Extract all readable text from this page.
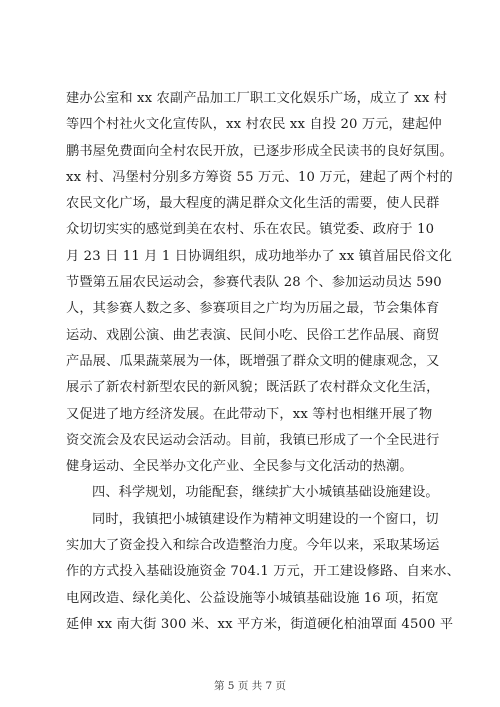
建办公室和 xx 农副产品加工厂职工文化娱乐广场，成立了 xx 村
等四个村社火文化宣传队，xx 村农民 xx 自投 20 万元，建起仲
鹏书屋免费面向全村农民开放，已逐步形成全民读书的良好氛围。
xx 村、冯堡村分别多方筹资 55 万元、10 万元，建起了两个村的
农民文化广场，最大程度的满足群众文化生活的需要，使人民群
众切切实实的感觉到美在农村、乐在农民。镇党委、政府于 10
月 23 日 11 月 1 日协调组织，成功地举办了 xx 镇首届民俗文化
节暨第五届农民运动会，参赛代表队 28 个、参加运动员达 590
人，其参赛人数之多、参赛项目之广均为历届之最，节会集体育
运动、戏剧公演、曲艺表演、民间小吃、民俗工艺作品展、商贸
产品展、瓜果蔬菜展为一体，既增强了群众文明的健康观念，又
展示了新农村新型农民的新风貌；既活跃了农村群众文化生活，
又促进了地方经济发展。在此带动下，xx 等村也相继开展了物
资交流会及农民运动会活动。目前，我镇已形成了一个全民进行
健身运动、全民举办文化产业、全民参与文化活动的热潮。
四、科学规划，功能配套，继续扩大小城镇基础设施建设。
同时，我镇把小城镇建设作为精神文明建设的一个窗口，切
实加大了资金投入和综合改造整治力度。今年以来，采取某场运
作的方式投入基础设施资金 704.1 万元，开工建设修路、自来水、
电网改造、绿化美化、公益设施等小城镇基础设施 16 项，拓宽
延伸 xx 南大街 300 米、xx 平方米，街道硬化柏油罩面 4500 平
第 5 页 共 7 页
